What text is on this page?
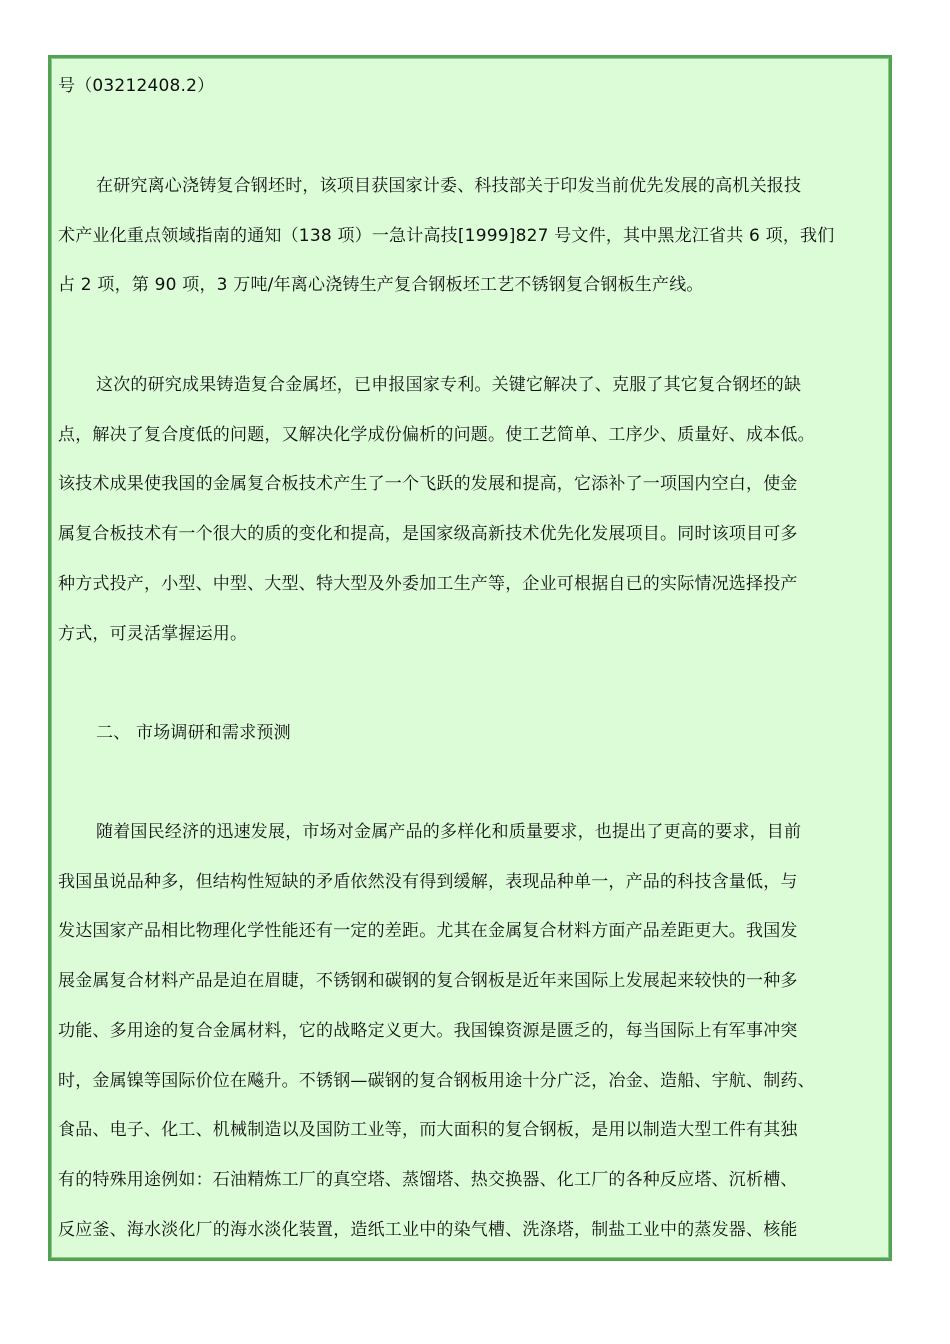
号（03212408.2）

在研究离心浇铸复合钢坯时，该项目获国家计委、科技部关于印发当前优先发展的高机关报技

术产业化重点领域指南的通知（138 项）一急计高技[1999]827 号文件，其中黑龙江省共 6 项，我们

占 2 项，第 90 项，3 万吨/年离心浇铸生产复合钢板坯工艺不锈钢复合钢板生产线。

这次的研究成果铸造复合金属坯，已申报国家专利。关键它解决了、克服了其它复合钢坯的缺

点，解决了复合度低的问题，又解决化学成份偏析的问题。使工艺简单、工序少、质量好、成本低。

该技术成果使我国的金属复合板技术产生了一个飞跃的发展和提高，它添补了一项国内空白，使金

属复合板技术有一个很大的质的变化和提高，是国家级高新技术优先化发展项目。同时该项目可多

种方式投产，小型、中型、大型、特大型及外委加工生产等，企业可根据自已的实际情况选择投产

方式，可灵活掌握运用。

二、 市场调研和需求预测

随着国民经济的迅速发展，市场对金属产品的多样化和质量要求，也提出了更高的要求，目前

我国虽说品种多，但结构性短缺的矛盾依然没有得到缓解，表现品种单一，产品的科技含量低，与

发达国家产品相比物理化学性能还有一定的差距。尤其在金属复合材料方面产品差距更大。我国发

展金属复合材料产品是迫在眉睫，不锈钢和碳钢的复合钢板是近年来国际上发展起来较快的一种多

功能、多用途的复合金属材料，它的战略定义更大。我国镍资源是匮乏的，每当国际上有军事冲突

时，金属镍等国际价位在飚升。不锈钢—碳钢的复合钢板用途十分广泛，冶金、造船、宇航、制药、

食品、电子、化工、机械制造以及国防工业等，而大面积的复合钢板，是用以制造大型工件有其独

有的特殊用途例如：石油精炼工厂的真空塔、蒸馏塔、热交换器、化工厂的各种反应塔、沉析槽、

反应釜、海水淡化厂的海水淡化装置，造纸工业中的染气槽、洗涤塔，制盐工业中的蒸发器、核能
